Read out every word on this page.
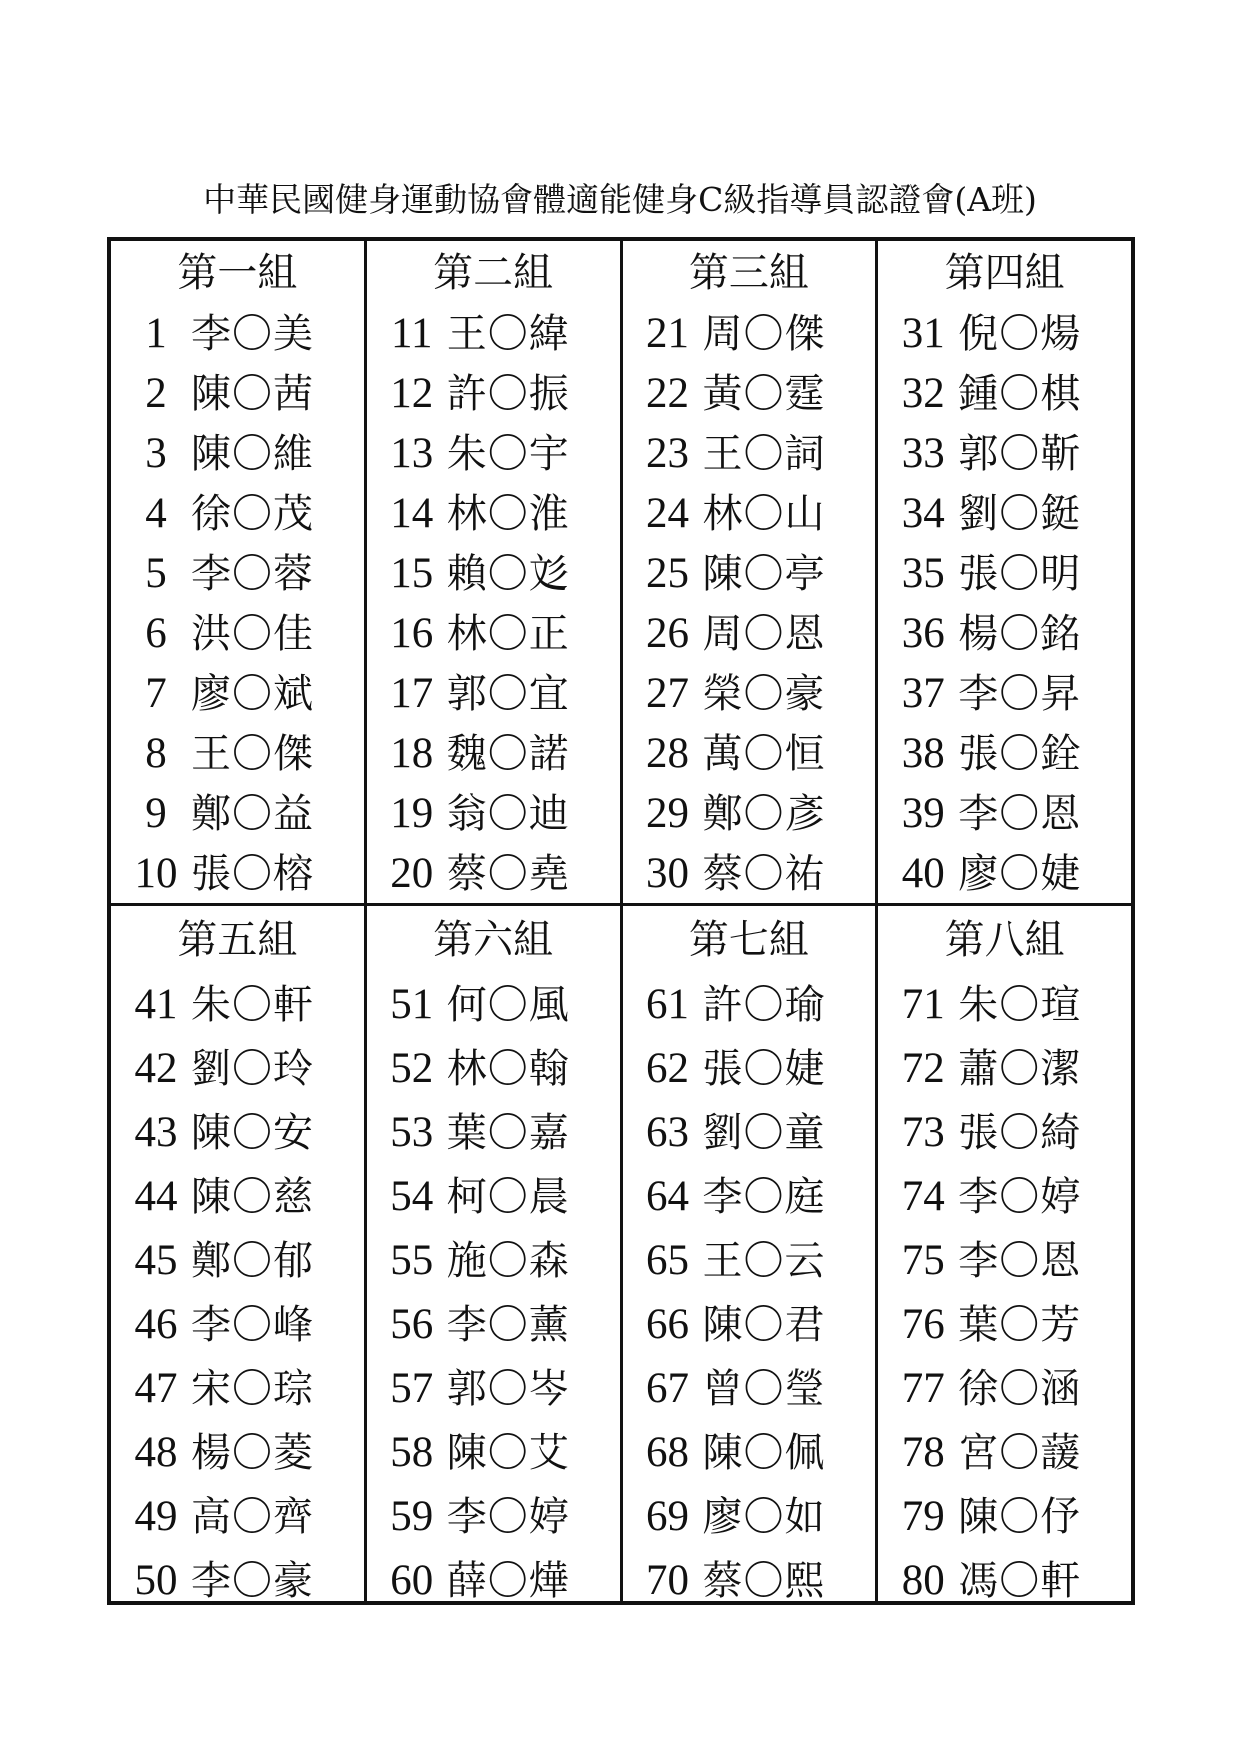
中華民國健身運動協會體適能健身C級指導員認證會(A班)
第一組
1 李〇美
2 陳〇茜
3 陳〇維
4 徐〇茂
5 李〇蓉
6 洪〇佳
7 廖〇斌
8 王〇傑
9 鄭〇益
10 張〇榕
第二組
11 王〇緯
12 許〇振
13 朱〇宇
14 林〇淮
15 賴〇彣
16 林〇正
17 郭〇宜
18 魏〇諾
19 翁〇迪
20 蔡〇堯
第三組
21 周〇傑
22 黃〇霆
23 王〇詞
24 林〇山
25 陳〇亭
26 周〇恩
27 榮〇豪
28 萬〇恒
29 鄭〇彥
30 蔡〇祐
第四組
31 倪〇煬
32 鍾〇棋
33 郭〇靳
34 劉〇鋌
35 張〇明
36 楊〇銘
37 李〇昇
38 張〇銓
39 李〇恩
40 廖〇婕
第五組
41 朱〇軒
42 劉〇玲
43 陳〇安
44 陳〇慈
45 鄭〇郁
46 李〇峰
47 宋〇琮
48 楊〇菱
49 高〇齊
50 李〇豪
第六組
51 何〇風
52 林〇翰
53 葉〇嘉
54 柯〇晨
55 施〇森
56 李〇薰
57 郭〇岑
58 陳〇艾
59 李〇婷
60 薛〇燁
第七組
61 許〇瑜
62 張〇婕
63 劉〇童
64 李〇庭
65 王〇云
66 陳〇君
67 曾〇瑩
68 陳〇佩
69 廖〇如
70 蔡〇熙
第八組
71 朱〇瑄
72 蕭〇潔
73 張〇綺
74 李〇婷
75 李〇恩
76 葉〇芳
77 徐〇涵
78 宮〇蘐
79 陳〇伃
80 馮〇軒
